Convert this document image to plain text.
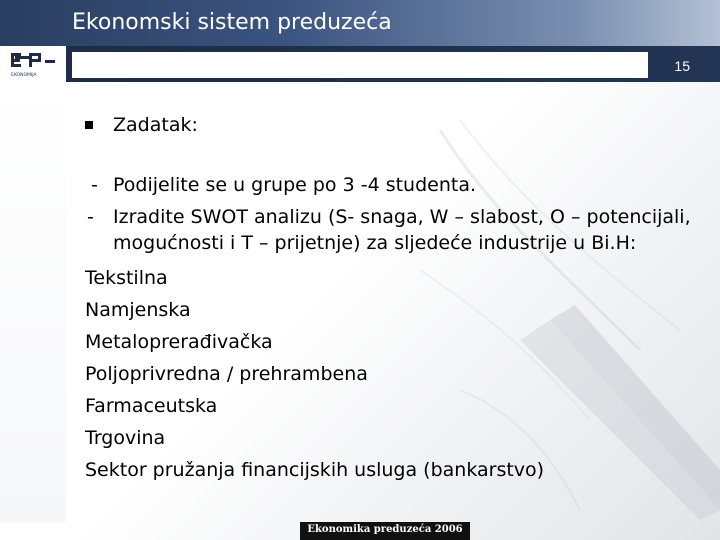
Ekonomski sistem preduzeća
EKONOMIJA
15
Zadatak:
- Podijelite se u grupe po 3 -4 studenta.
- Izradite SWOT analizu (S- snaga, W – slabost, O – potencijali, mogućnosti i T – prijetnje) za sljedeće industrije u Bi.H:
Tekstilna
Namjenska
Metaloprerađivačka
Poljoprivredna / prehrambena
Farmaceutska
Trgovina
Sektor pružanja financijskih usluga (bankarstvo)
Ekonomika preduzeća 2006
